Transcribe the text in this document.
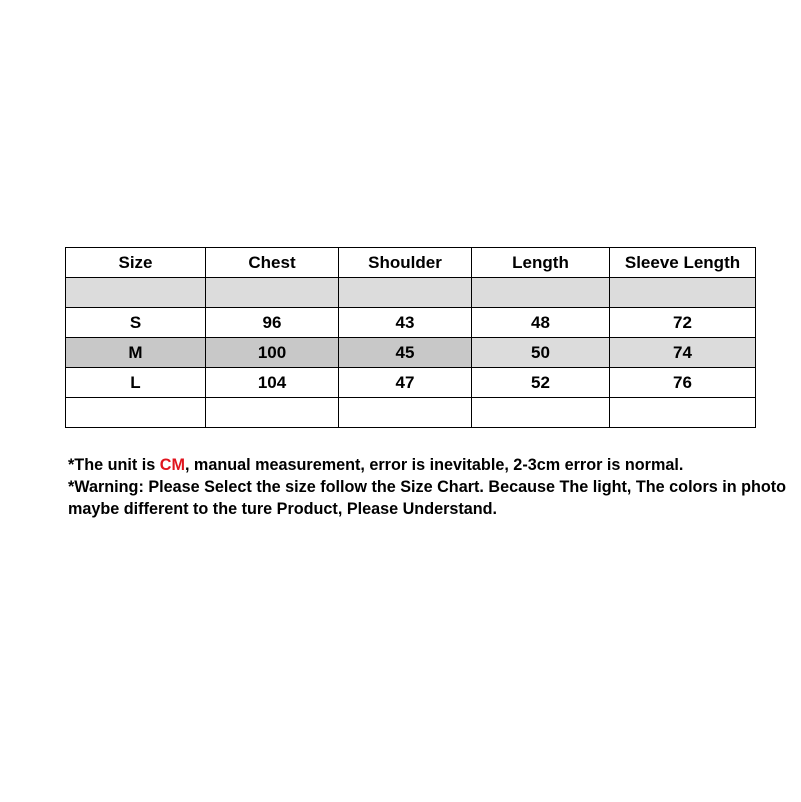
Size	Chest	Shoulder	Length	Sleeve Length

S	96	43	48	72
M	100	45	50	74
L	104	47	52	76

*The unit is CM, manual measurement, error is inevitable, 2-3cm error is normal.

*Warning: Please Select the size follow the Size Chart. Because The light, The colors in photo maybe different to the ture Product, Please Understand.
